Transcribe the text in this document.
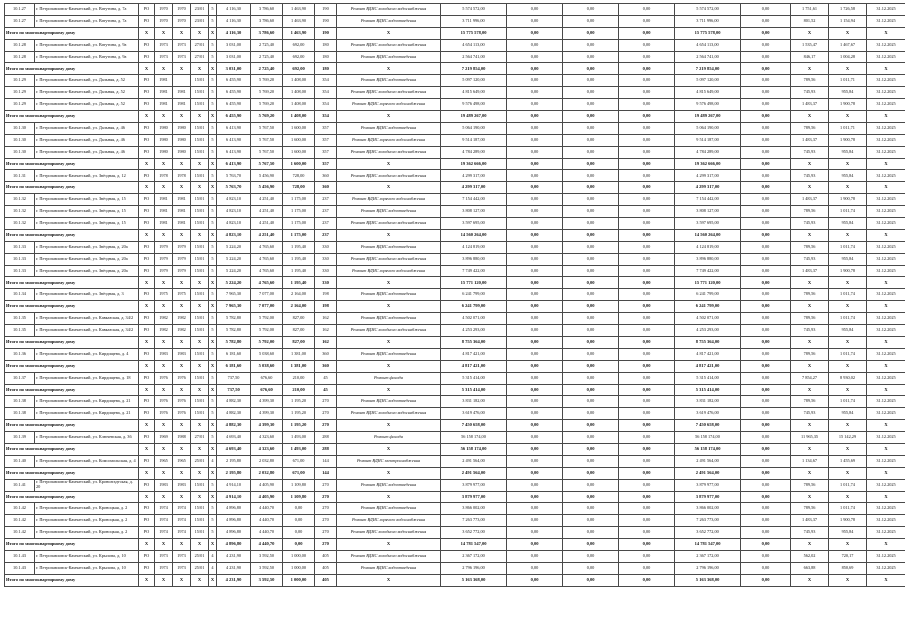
10.1.27	г. Петропавловск-Камчатский, ул. Ватутина, д. 7а	РО	1970	1970	23/01	5	4 116,30	3 786,60	1 463,90	190	Ремонт ВДИС холодного водоснабжения	5 574 572,00	0,00	0,00	0,00	5 574 572,00	0,00	1 751,61	1 726,58	31.12.2025
10.1.27	г. Петропавловск-Камчатский, ул. Ватутина, д. 7а	РО	1970	1970	23/01	5	4 116,30	3 786,60	1 463,90	190	Ремонт ВДИС водоотведения	3 711 996,00	0,00	0,00	0,00	3 711 996,00	0,00	801,52	1 154,94	31.12.2025
Итого по многоквартирному дому		Х	Х	Х	Х	Х	4 116,30	3 786,60	1 463,90	190	Х	15 775 578,00	0,00	0,00	0,00	15 775 578,00	0,00	Х	Х	Х
10.1.28	г. Петропавловск-Камчатский, ул. Ватутина, д. 9а	РО	1973	1973	27/01	5	3 031,00	2 725,40	692,00	180	Ремонт ВДИС холодного водоснабжения	4 654 113,00	0,00	0,00	0,00	4 654 113,00	0,00	1 535,47	1 467,67	31.12.2025
10.1.28	г. Петропавловск-Камчатский, ул. Ватутина, д. 9а	РО	1973	1973	27/01	5	3 031,00	2 725,40	692,00	180	Ремонт ВДИС водоотведения	2 564 741,00	0,00	0,00	0,00	2 564 741,00	0,00	846,17	1 004,28	31.12.2025
Итого по многоквартирному дому		Х	Х	Х	Х	Х	3 031,00	2 725,40	692,00	180	Х	7 219 854,00	0,00	0,00	0,00	7 219 854,00	0,00	Х	Х	Х
10.1.29	г. Петропавловск-Камчатский, ул. Дальняя, д. 52	РО	1981		15/01	5	6 455,90	5 769,20	1 408,00	354	Ремонт ВДИС водоотведения	5 097 120,00	0,00	0,00	0,00	5 097 120,00	0,00	789,56	1 011,71	31.12.2025
10.1.29	г. Петропавловск-Камчатский, ул. Дальняя, д. 52	РО	1981	1981	15/01	5	6 455,90	5 769,20	1 408,00	354	Ремонт ВДИС холодного водоснабжения	4 815 649,00	0,00	0,00	0,00	4 815 649,00	0,00	745,93	955,84	31.12.2025
10.1.29	г. Петропавловск-Камчатский, ул. Дальняя, д. 52	РО	1981	1981	15/01	5	6 455,90	5 769,20	1 408,00	354	Ремонт ВДИС горячего водоснабжения	9 576 498,00	0,00	0,00	0,00	9 576 498,00	0,00	1 483,37	1 900,78	31.12.2025
Итого по многоквартирному дому		Х	Х	Х	Х	Х	6 455,90	5 769,20	1 408,00	354	Х	19 489 267,00	0,00	0,00	0,00	19 489 267,00	0,00	Х	Х	Х
10.1.30	г. Петропавловск-Камчатский, ул. Дальняя, д. 46	РО	1980	1980	15/01	5	6 413,90	5 767,50	1 600,00	357	Ремонт ВДИС водоотведения	5 064 190,00	0,00	0,00	0,00	5 064 190,00	0,00	789,56	1 011,71	31.12.2025
10.1.30	г. Петропавловск-Камчатский, ул. Дальняя, д. 46	РО	1980	1980	15/01	5	6 413,90	5 767,50	1 600,00	357	Ремонт ВДИС горячего водоснабжения	9 514 187,00	0,00	0,00	0,00	9 514 187,00	0,00	1 483,37	1 900,78	31.12.2025
10.1.30	г. Петропавловск-Камчатский, ул. Дальняя, д. 46	РО	1980	1980	15/01	5	6 413,90	5 767,50	1 600,00	357	Ремонт ВДИС холодного водоснабжения	4 784 289,00	0,00	0,00	0,00	4 784 289,00	0,00	745,93	955,84	31.12.2025
Итого по многоквартирному дому		Х	Х	Х	Х	Х	6 413,90	5 767,50	1 600,00	357	Х	19 362 666,00	0,00	0,00	0,00	19 362 666,00	0,00	Х	Х	Х
10.1.31	г. Петропавловск-Камчатский, ул. Звёздная, д. 12	РО	1978	1978	15/01	5	5 763,70	5 456,90	728,00	360	Ремонт ВДИС холодного водоснабжения	4 299 317,00	0,00	0,00	0,00	4 299 317,00	0,00	745,93	955,84	31.12.2025
Итого по многоквартирному дому		Х	Х	Х	Х	Х	5 763,70	5 456,90	728,00	360	Х	4 299 317,00	0,00	0,00	0,00	4 299 317,00	0,00	Х	Х	Х
10.1.32	г. Петропавловск-Камчатский, ул. Звёздная, д. 15	РО	1981	1981	15/01	5	4 823,10	4 251,40	1 175,00	237	Ремонт ВДИС горячего водоснабжения	7 154 442,00	0,00	0,00	0,00	7 154 442,00	0,00	1 483,37	1 900,78	31.12.2025
10.1.32	г. Петропавловск-Камчатский, ул. Звёздная, д. 15	РО	1981	1981	15/01	5	4 823,10	4 251,40	1 175,00	237	Ремонт ВДИС водоотведения	3 808 127,00	0,00	0,00	0,00	3 808 127,00	0,00	789,56	1 011,74	31.12.2025
10.1.32	г. Петропавловск-Камчатский, ул. Звёздная, д. 15	РО	1981	1981	15/01	5	4 823,10	4 251,40	1 175,00	237	Ремонт ВДИС холодного водоснабжения	3 597 695,00	0,00	0,00	0,00	3 597 695,00	0,00	745,93	955,84	31.12.2025
Итого по многоквартирному дому		Х	Х	Х	Х	Х	4 823,10	4 251,40	1 175,00	237	Х	14 560 264,00	0,00	0,00	0,00	14 560 264,00	0,00	Х	Х	Х
10.1.33	г. Петропавловск-Камчатский, ул. Звёздная, д. 20а	РО	1979	1979	15/01	5	5 224,20	4 765,60	1 195,40	330	Ремонт ВДИС водоотведения	4 124 819,00	0,00	0,00	0,00	4 124 819,00	0,00	789,56	1 011,74	31.12.2025
10.1.33	г. Петропавловск-Камчатский, ул. Звёздная, д. 20а	РО	1979	1979	15/01	5	5 224,20	4 765,60	1 195,40	330	Ремонт ВДИС холодного водоснабжения	3 896 880,00	0,00	0,00	0,00	3 896 880,00	0,00	745,93	955,84	31.12.2025
10.1.33	г. Петропавловск-Камчатский, ул. Звёздная, д. 20а	РО	1979	1979	15/01	5	5 224,20	4 765,60	1 195,40	330	Ремонт ВДИС горячего водоснабжения	7 749 422,00	0,00	0,00	0,00	7 749 422,00	0,00	1 483,37	1 900,78	31.12.2025
Итого по многоквартирному дому		Х	Х	Х	Х	Х	5 224,20	4 765,60	1 195,40	330	Х	15 771 120,00	0,00	0,00	0,00	15 771 120,00	0,00	Х	Х	Х
10.1.34	г. Петропавловск-Камчатский, ул. Звёздная, д. 3	РО	1975	1975	15/01	5	7 965,30	7 077,00	2 164,00	198	Ремонт ВДИС водоотведения	6 241 799,00	0,00	0,00	0,00	6 241 799,00	0,00	789,56	1 011,74	31.12.2025
Итого по многоквартирному дому		Х	Х	Х	Х	Х	7 965,30	7 077,00	2 164,00	198	Х	6 241 799,00	0,00	0,00	0,00	6 241 799,00	0,00	Х	Х	Х
10.1.35	г. Петропавловск-Камчатский, ул. Кавказская, д. 34/2	РО	1982	1982	15/01	5	5 782,80	5 792,00	827,00	162	Ремонт ВДИС водоотведения	4 502 071,00	0,00	0,00	0,00	4 502 071,00	0,00	789,56	1 011,74	31.12.2025
10.1.35	г. Петропавловск-Камчатский, ул. Кавказская, д. 34/2	РО	1982	1982	15/01	5	5 782,80	5 792,00	827,00	162	Ремонт ВДИС холодного водоснабжения	4 253 293,00	0,00	0,00	0,00	4 253 293,00	0,00	745,93	955,84	31.12.2025
Итого по многоквартирному дому		Х	Х	Х	Х	Х	5 782,80	5 792,00	827,00	162	Х	8 755 364,00	0,00	0,00	0,00	8 755 364,00	0,00	Х	Х	Х
10.1.36	г. Петропавловск-Камчатский, ул. Кирдищева, д. 4	РО	1983	1983	15/01	5	6 181,60	5 038,60	1 381,00	360	Ремонт ВДИС водоотведения	4 817 421,00	0,00	0,00	0,00	4 817 421,00	0,00	789,56	1 011,74	31.12.2025
Итого по многоквартирному дому		Х	Х	Х	Х	Х	6 181,60	5 038,60	1 381,00	360	Х	4 817 421,00	0,00	0,00	0,00	4 817 421,00	0,00	Х	Х	Х
10.1.37	г. Петропавловск-Камчатский, ул. Кирдищева, д. 18	РО	1976	1976	15/01	5	737,50	676,60	210,00	45	Ремонт фасада	5 315 414,00	0,00	0,00	0,00	5 315 414,00	0,00	7 854,27	8 930,02	31.12.2025
Итого по многоквартирному дому		Х	Х	Х	Х	Х	737,50	676,60	210,00	45	Х	5 315 414,00	0,00	0,00	0,00	5 315 414,00	0,00	Х	Х	Х
10.1.38	г. Петропавловск-Камчатский, ул. Кирдищева, д. 21	РО	1976	1976	15/01	5	4 882,30	4 399,30	1 195,20	270	Ремонт ВДИС водоотведения	3 831 182,00	0,00	0,00	0,00	3 831 182,00	0,00	789,56	1 011,74	31.12.2025
10.1.38	г. Петропавловск-Камчатский, ул. Кирдищева, д. 21	РО	1976	1976	15/01	5	4 882,30	4 399,30	1 195,20	270	Ремонт ВДИС холодного водоснабжения	3 619 476,00	0,00	0,00	0,00	3 619 476,00	0,00	745,93	955,84	31.12.2025
Итого по многоквартирному дому		Х	Х	Х	Х	Х	4 882,30	4 399,30	1 195,20	270	Х	7 450 658,00	0,00	0,00	0,00	7 450 658,00	0,00	Х	Х	Х
10.1.39	г. Петропавловск-Камчатский, ул. Ключевская, д. 36	РО	1969	1988	27/01	5	4 693,40	4 323,60	1 493,00	288	Ремонт фасада	56 158 174,00	0,00	0,00	0,00	56 158 174,00	0,00	11 965,35	15 142,29	31.12.2025
Итого по многоквартирному дому		Х	Х	Х	Х	Х	4 693,40	4 323,60	1 493,00	288	Х	56 158 174,00	0,00	0,00	0,00	56 158 174,00	0,00	Х	Х	Х
10.1.40	г. Петропавловск-Камчатский, ул. Комсомольская, д. 4	РО	1965	1965	25/01	4	2 195,80	2 032,80	671,00	144	Ремонт ВДИС электроснабжения	2 491 564,00	0,00	0,00	0,00	2 491 564,00	0,00	1 134,67	1 455,69	31.12.2025
Итого по многоквартирному дому		Х	Х	Х	Х	Х	2 195,80	2 032,80	671,00	144	Х	2 491 564,00	0,00	0,00	0,00	2 491 564,00	0,00	Х	Х	Х
10.1.41	г. Петропавловск-Камчатский, ул. Кронштадтская, д. 20	РО	1983	1983	15/01	5	4 914,10	4 405,90	1 109,80	270	Ремонт ВДИС водоотведения	3 879 977,00	0,00	0,00	0,00	3 879 977,00	0,00	789,56	1 011,74	31.12.2025
Итого по многоквартирному дому		Х	Х	Х	Х	Х	4 914,10	4 405,90	1 109,80	270	Х	3 879 977,00	0,00	0,00	0,00	3 879 977,00	0,00	Х	Х	Х
10.1.42	г. Петропавловск-Камчатский, ул. Кроноцкая, д. 2	РО	1974	1974	15/01	5	4 896,80	4 440,70	0,00	270	Ремонт ВДИС водоотведения	3 866 002,00	0,00	0,00	0,00	3 866 002,00	0,00	789,56	1 011,74	31.12.2025
10.1.42	г. Петропавловск-Камчатский, ул. Кроноцкая, д. 2	РО	1974	1974	15/01	5	4 896,80	4 440,70	0,00	270	Ремонт ВДИС горячего водоснабжения	7 263 773,00	0,00	0,00	0,00	7 263 773,00	0,00	1 483,37	1 900,78	31.12.2025
10.1.42	г. Петропавловск-Камчатский, ул. Кроноцкая, д. 2	РО	1974	1974	15/01	5	4 896,80	4 440,70	0,00	270	Ремонт ВДИС холодного водоснабжения	3 652 772,00	0,00	0,00	0,00	3 652 772,00	0,00	745,93	955,84	31.12.2025
Итого по многоквартирному дому		Х	Х	Х	Х	Х	4 896,80	4 440,70	0,00	270	Х	14 781 547,00	0,00	0,00	0,00	14 781 547,00	0,00	Х	Х	Х
10.1.43	г. Петропавловск-Камчатский, ул. Крылова, д. 10	РО	1973	1973	25/01	4	4 231,90	3 592,50	1 000,00	405	Ремонт ВДИС холодного водоснабжения	2 367 172,00	0,00	0,00	0,00	2 367 172,00	0,00	562,02	720,17	31.12.2025
10.1.43	г. Петропавловск-Камчатский, ул. Крылова, д. 10	РО	1973	1973	25/01	4	4 231,90	3 592,50	1 000,00	405	Ремонт ВДИС водоотведения	2 796 196,00	0,00	0,00	0,00	2 796 196,00	0,00	663,88	850,69	31.12.2025
Итого по многоквартирному дому		Х	Х	Х	Х	Х	4 231,90	3 592,50	1 000,00	405	Х	5 163 368,00	0,00	0,00	0,00	5 163 368,00	0,00	Х	Х	Х
